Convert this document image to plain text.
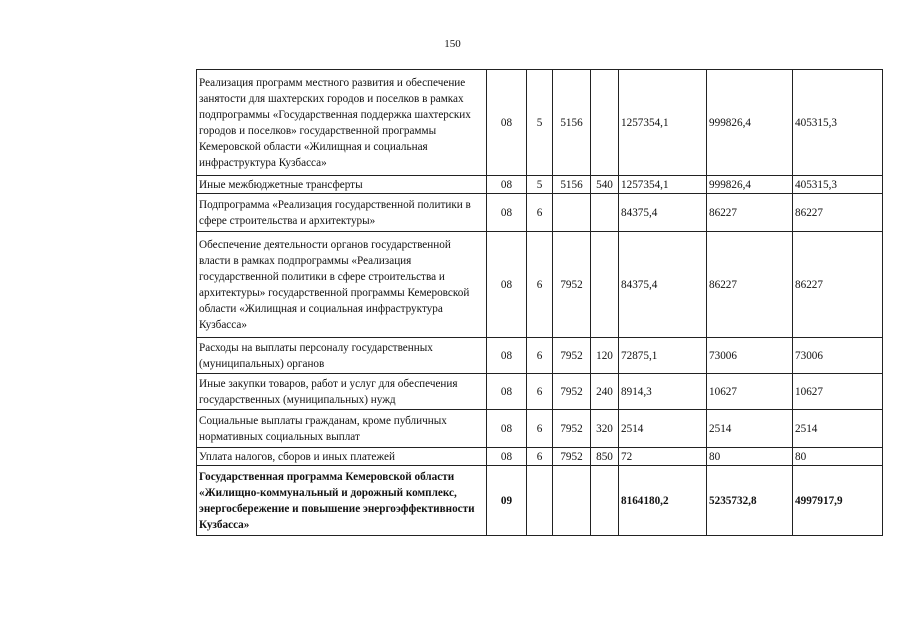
150
Реализация программ местного развития и обеспечение занятости для шахтерских городов и поселков в рамках подпрограммы «Государственная поддержка шахтерских городов и поселков» государственной программы Кемеровской области «Жилищная и социальная инфраструктура Кузбасса»	08	5	5156		1257354,1	999826,4	405315,3
Иные межбюджетные трансферты	08	5	5156	540	1257354,1	999826,4	405315,3
Подпрограмма «Реализация государственной политики в сфере строительства и архитектуры»	08	6			84375,4	86227	86227
Обеспечение деятельности органов государственной власти в рамках подпрограммы «Реализация государственной политики в сфере строительства и архитектуры» государственной программы Кемеровской области «Жилищная и социальная инфраструктура Кузбасса»	08	6	7952		84375,4	86227	86227
Расходы на выплаты персоналу государственных (муниципальных) органов	08	6	7952	120	72875,1	73006	73006
Иные закупки товаров, работ и услуг для обеспечения государственных (муниципальных) нужд	08	6	7952	240	8914,3	10627	10627
Социальные выплаты гражданам, кроме публичных нормативных социальных выплат	08	6	7952	320	2514	2514	2514
Уплата налогов, сборов и иных платежей	08	6	7952	850	72	80	80
Государственная программа Кемеровской области «Жилищно-коммунальный и дорожный комплекс, энергосбережение и повышение энергоэффективности Кузбасса»	09				8164180,2	5235732,8	4997917,9
